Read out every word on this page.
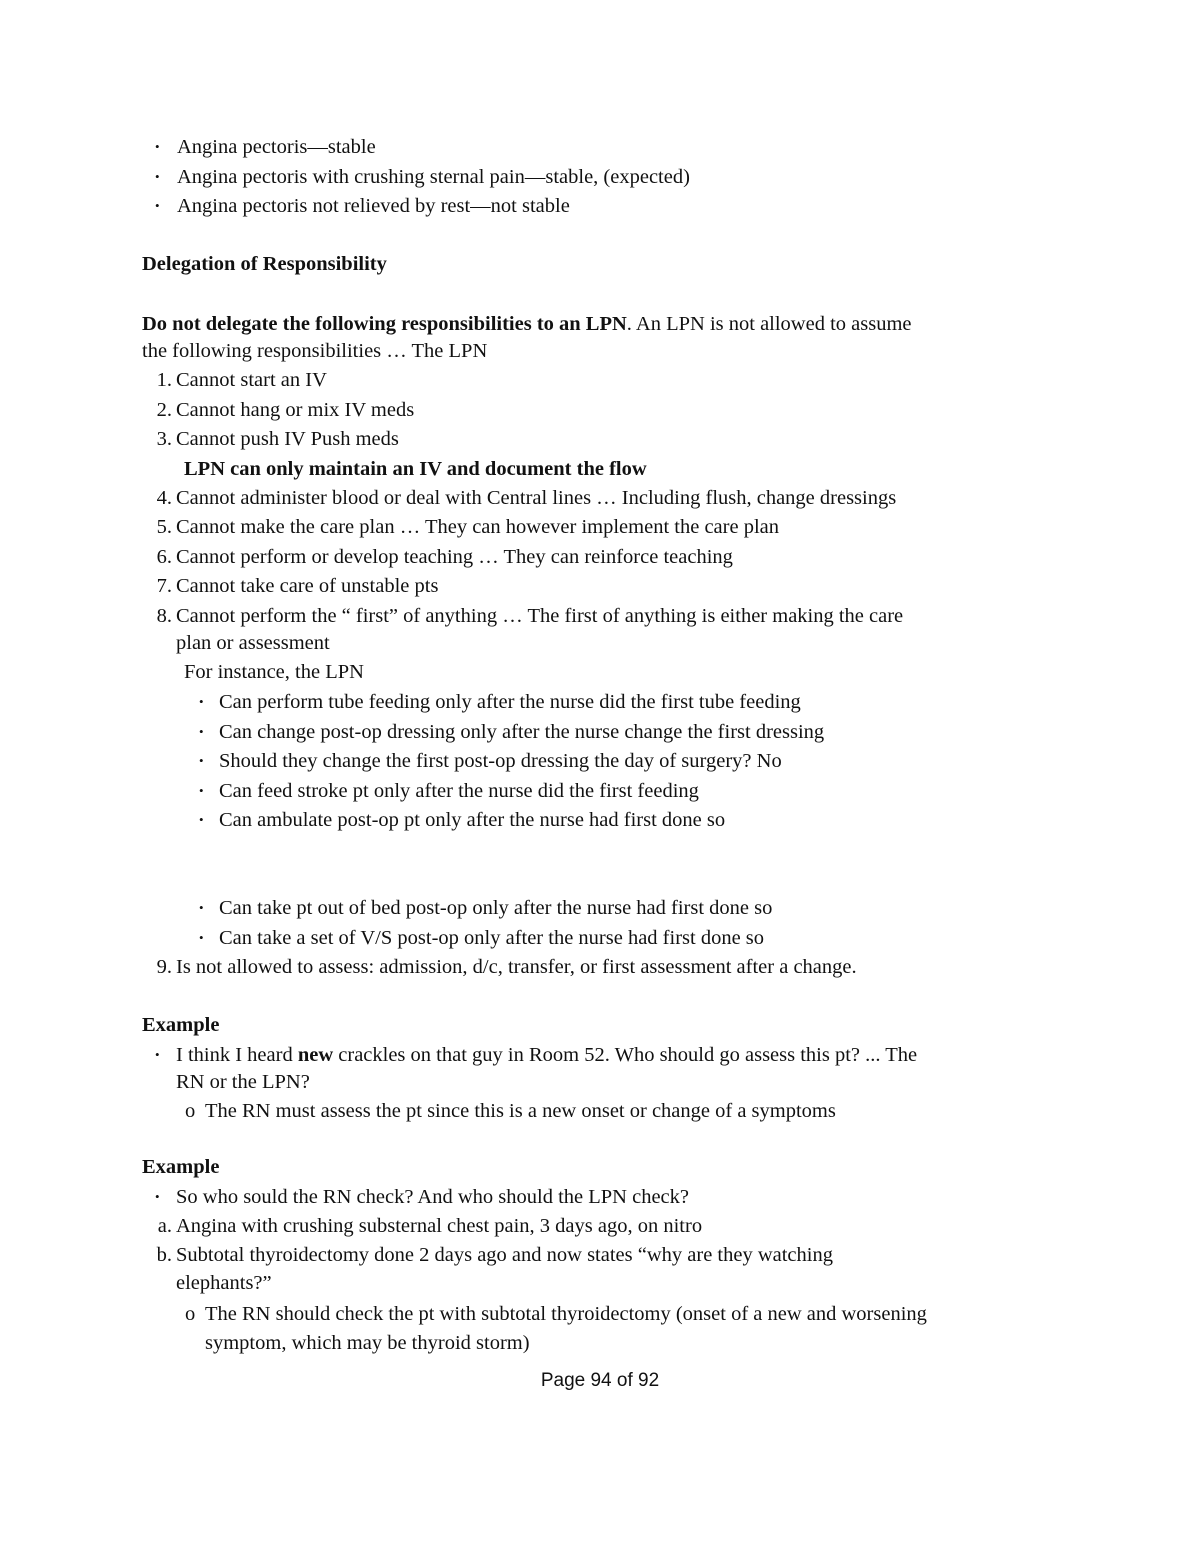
• Angina pectoris—stable
• Angina pectoris with crushing sternal pain—stable, (expected)
• Angina pectoris not relieved by rest—not stable
Delegation of Responsibility
Do not delegate the following responsibilities to an LPN. An LPN is not allowed to assume
the following responsibilities … The LPN
1. Cannot start an IV
2. Cannot hang or mix IV meds
3. Cannot push IV Push meds
LPN can only maintain an IV and document the flow
4. Cannot administer blood or deal with Central lines … Including flush, change dressings
5. Cannot make the care plan … They can however implement the care plan
6. Cannot perform or develop teaching … They can reinforce teaching
7. Cannot take care of unstable pts
8. Cannot perform the “ first” of anything … The first of anything is either making the care
plan or assessment
For instance, the LPN
• Can perform tube feeding only after the nurse did the first tube feeding
• Can change post-op dressing only after the nurse change the first dressing
• Should they change the first post-op dressing the day of surgery? No
• Can feed stroke pt only after the nurse did the first feeding
• Can ambulate post-op pt only after the nurse had first done so
• Can take pt out of bed post-op only after the nurse had first done so
• Can take a set of V/S post-op only after the nurse had first done so
9. Is not allowed to assess: admission, d/c, transfer, or first assessment after a change.
Example
• I think I heard new crackles on that guy in Room 52. Who should go assess this pt? ... The
RN or the LPN?
o The RN must assess the pt since this is a new onset or change of a symptoms
Example
• So who sould the RN check? And who should the LPN check?
a. Angina with crushing substernal chest pain, 3 days ago, on nitro
b. Subtotal thyroidectomy done 2 days ago and now states “why are they watching
elephants?”
o The RN should check the pt with subtotal thyroidectomy (onset of a new and worsening
symptom, which may be thyroid storm)
Page 94 of 92
